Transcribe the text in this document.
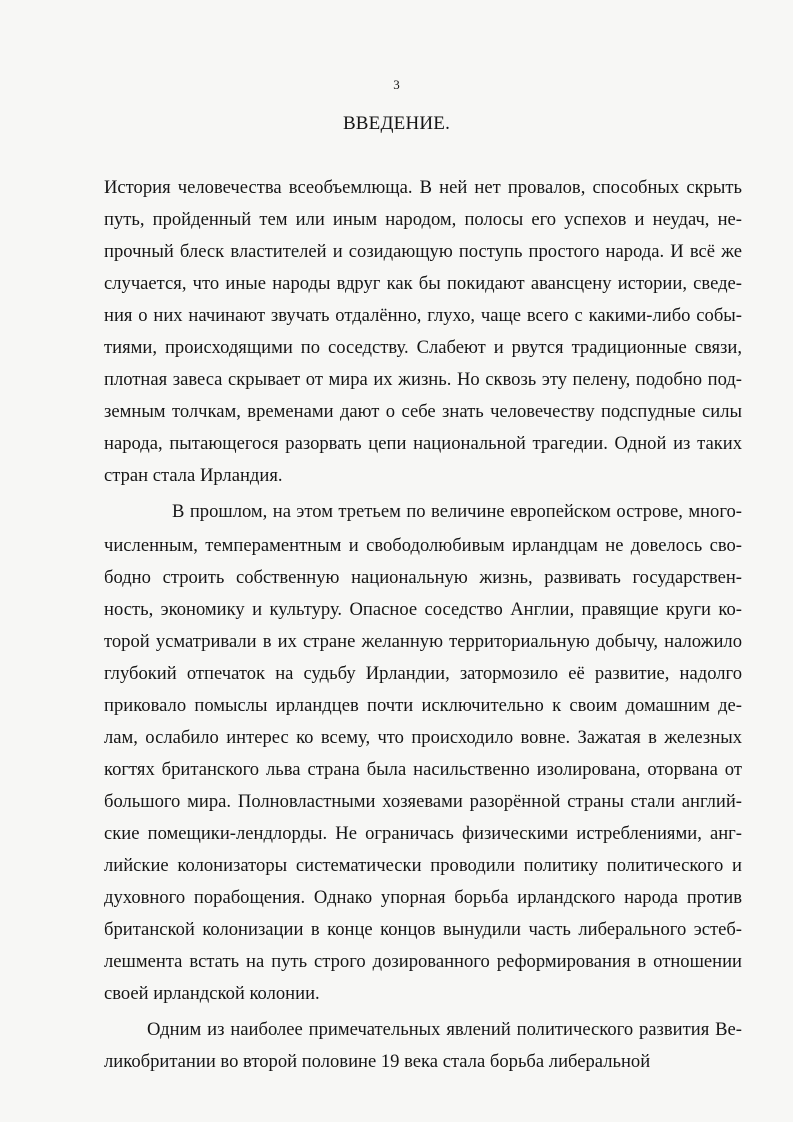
3
ВВЕДЕНИЕ.
История человечества всеобъемлюща. В ней нет провалов, способных скрыть
путь, пройденный тем или иным народом, полосы его успехов и неудач, не-
прочный блеск властителей и созидающую поступь простого народа. И всё же
случается, что иные народы вдруг как бы покидают авансцену истории, сведе-
ния о них начинают звучать отдалённо, глухо, чаще всего с какими-либо собы-
тиями, происходящими по соседству. Слабеют и рвутся традиционные связи,
плотная завеса скрывает от мира их жизнь. Но сквозь эту пелену, подобно под-
земным толчкам, временами дают о себе знать человечеству подспудные силы
народа, пытающегося разорвать цепи национальной трагедии. Одной из таких
стран стала Ирландия.
В прошлом, на этом третьем по величине европейском острове, много-
численным, темпераментным и свободолюбивым ирландцам не довелось сво-
бодно строить собственную национальную жизнь, развивать государствен-
ность, экономику и культуру. Опасное соседство Англии, правящие круги ко-
торой усматривали в их стране желанную территориальную добычу, наложило
глубокий отпечаток на судьбу Ирландии, затормозило её развитие, надолго
приковало помыслы ирландцев почти исключительно к своим домашним де-
лам, ослабило интерес ко всему, что происходило вовне. Зажатая в железных
когтях британского льва страна была насильственно изолирована, оторвана от
большого мира. Полновластными хозяевами разорённой страны стали англий-
ские помещики-лендлорды. Не ограничась физическими истреблениями, анг-
лийские колонизаторы систематически проводили политику политического и
духовного порабощения. Однако упорная борьба ирландского народа против
британской колонизации в конце концов вынудили часть либерального эстеб-
лешмента встать на путь строго дозированного реформирования в отношении
своей ирландской колонии.
Одним из наиболее примечательных явлений политического развития Ве-
ликобритании во второй половине 19 века стала борьба либеральной
